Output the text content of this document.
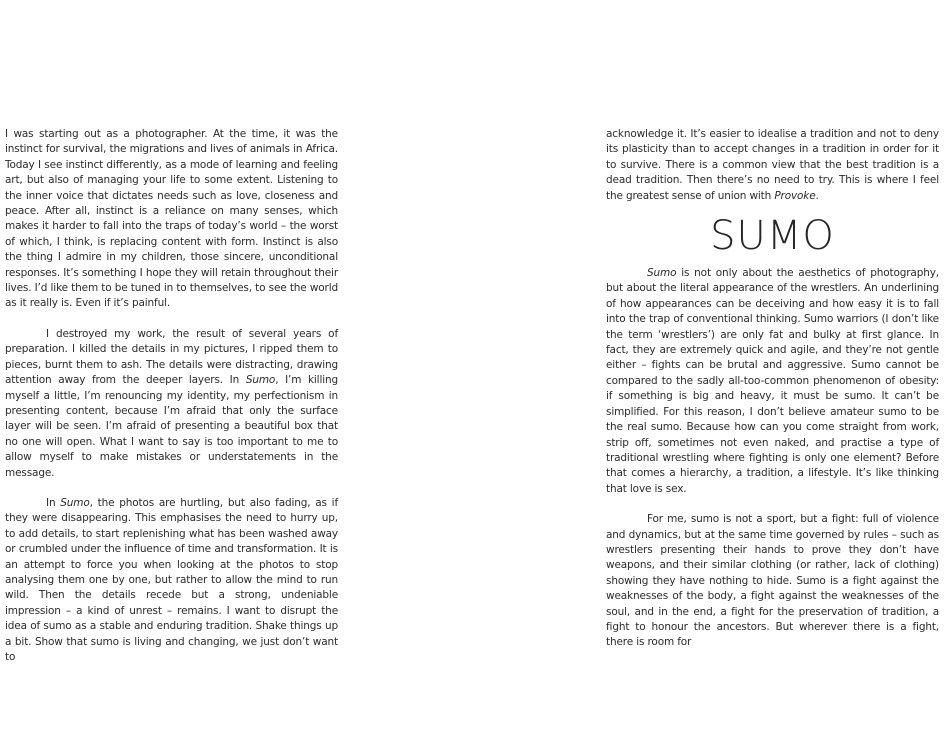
I was starting out as a photographer. At the time, it was the instinct for survival, the migrations and lives of animals in Africa. Today I see instinct differently, as a mode of learning and feeling art, but also of managing your life to some extent. Listening to the inner voice that dictates needs such as love, closeness and peace. After all, instinct is a reliance on many senses, which makes it harder to fall into the traps of today’s world – the worst of which, I think, is replacing content with form. Instinct is also the thing I admire in my children, those sincere, unconditional responses. It’s something I hope they will retain throughout their lives. I’d like them to be tuned in to themselves, to see the world as it really is. Even if it’s painful.

I destroyed my work, the result of several years of preparation. I killed the details in my pictures, I ripped them to pieces, burnt them to ash. The details were distracting, drawing attention away from the deeper layers. In Sumo, I’m killing myself a little, I’m renouncing my identity, my perfectionism in presenting content, because I’m afraid that only the surface layer will be seen. I’m afraid of presenting a beautiful box that no one will open. What I want to say is too important to me to allow myself to make mistakes or understatements in the message.

In Sumo, the photos are hurtling, but also fading, as if they were disappearing. This emphasises the need to hurry up, to add details, to start replenishing what has been washed away or crumbled under the influence of time and transformation. It is an attempt to force you when looking at the photos to stop analysing them one by one, but rather to allow the mind to run wild. Then the details recede but a strong, undeniable impression – a kind of unrest – remains. I want to disrupt the idea of sumo as a stable and enduring tradition. Shake things up a bit. Show that sumo is living and changing, we just don’t want to

acknowledge it. It’s easier to idealise a tradition and not to deny its plasticity than to accept changes in a tradition in order for it to survive. There is a common view that the best tradition is a dead tradition. Then there’s no need to try. This is where I feel the greatest sense of union with Provoke.

SUMO

Sumo is not only about the aesthetics of photography, but about the literal appearance of the wrestlers. An underlining of how appearances can be deceiving and how easy it is to fall into the trap of conventional thinking. Sumo warriors (I don’t like the term ‘wrestlers’) are only fat and bulky at first glance. In fact, they are extremely quick and agile, and they’re not gentle either – fights can be brutal and aggressive. Sumo cannot be compared to the sadly all-too-common phenomenon of obesity: if something is big and heavy, it must be sumo. It can’t be simplified. For this reason, I don’t believe amateur sumo to be the real sumo. Because how can you come straight from work, strip off, sometimes not even naked, and practise a type of traditional wrestling where fighting is only one element? Before that comes a hierarchy, a tradition, a lifestyle. It’s like thinking that love is sex.

For me, sumo is not a sport, but a fight: full of violence and dynamics, but at the same time governed by rules – such as wrestlers presenting their hands to prove they don’t have weapons, and their similar clothing (or rather, lack of clothing) showing they have nothing to hide. Sumo is a fight against the weaknesses of the body, a fight against the weaknesses of the soul, and in the end, a fight for the preservation of tradition, a fight to honour the ancestors. But wherever there is a fight, there is room for
